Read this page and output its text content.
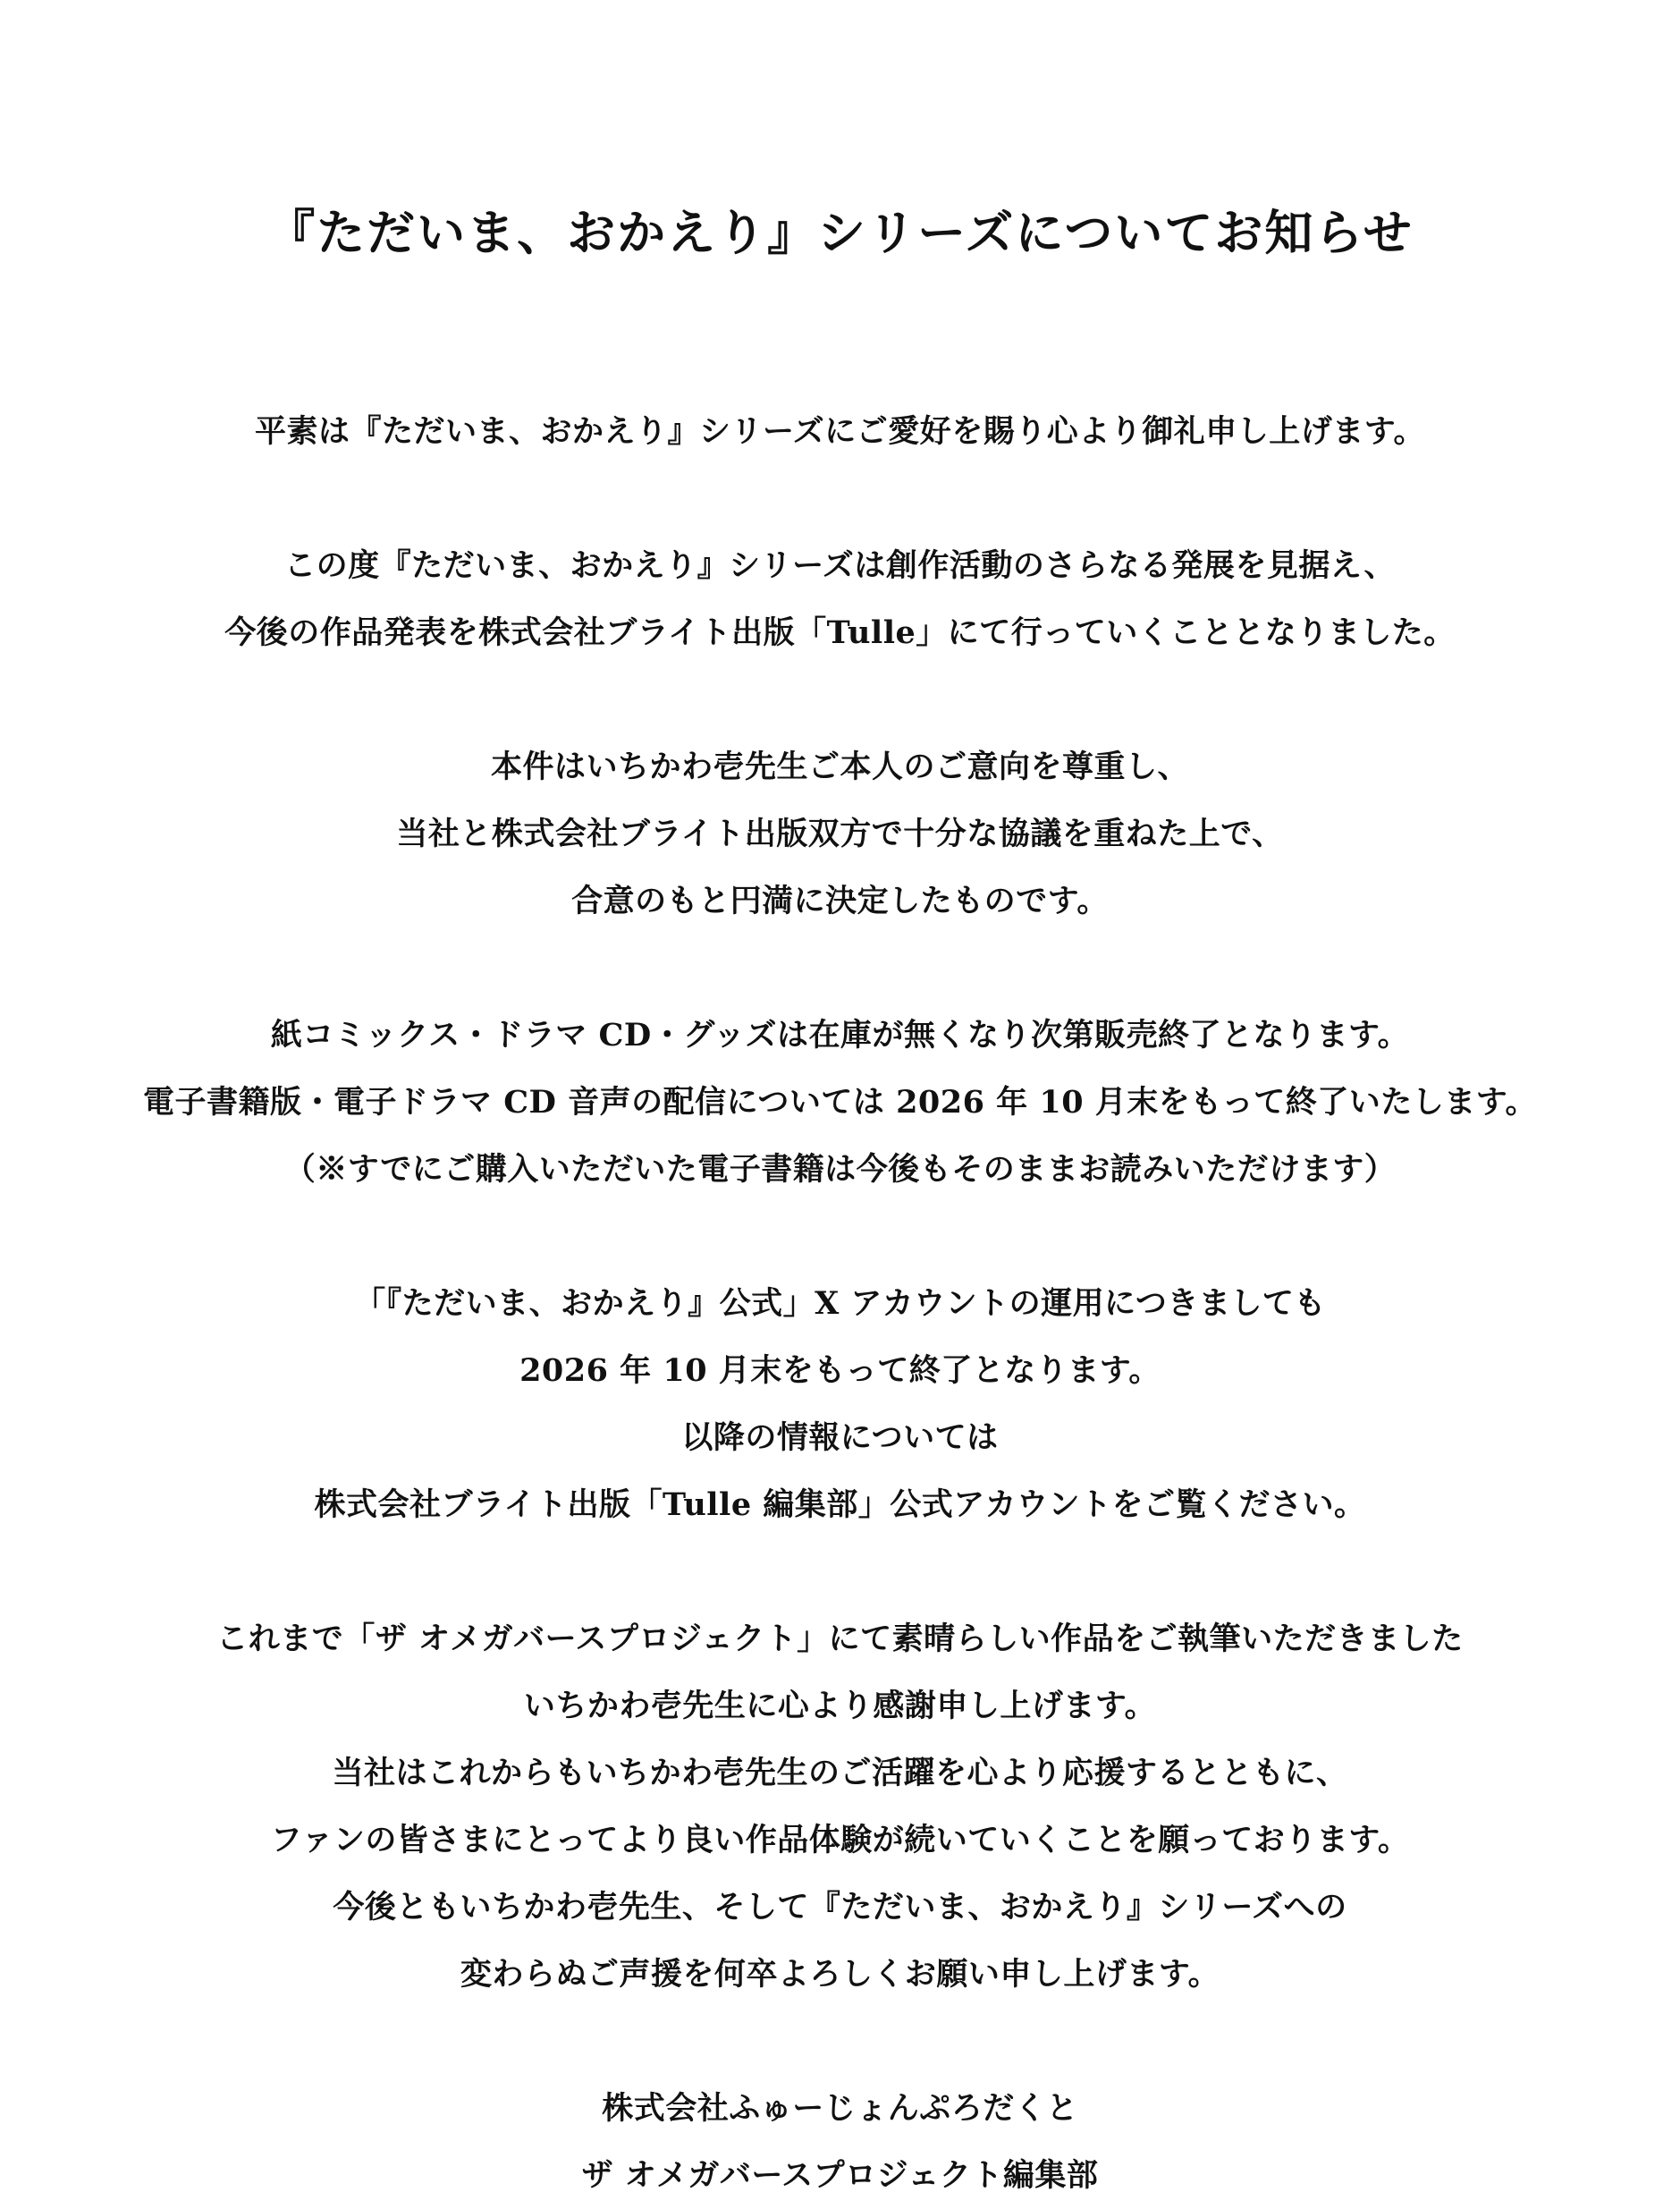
『ただいま、おかえり』シリーズについてお知らせ

平素は『ただいま、おかえり』シリーズにご愛好を賜り心より御礼申し上げます。

この度『ただいま、おかえり』シリーズは創作活動のさらなる発展を見据え、
今後の作品発表を株式会社ブライト出版「Tulle」にて行っていくこととなりました。

本件はいちかわ壱先生ご本人のご意向を尊重し、
当社と株式会社ブライト出版双方で十分な協議を重ねた上で、
合意のもと円満に決定したものです。

紙コミックス・ドラマ CD・グッズは在庫が無くなり次第販売終了となります。
電子書籍版・電子ドラマ CD 音声の配信については 2026 年 10 月末をもって終了いたします。
（※すでにご購入いただいた電子書籍は今後もそのままお読みいただけます）

「『ただいま、おかえり』公式」X アカウントの運用につきましても
2026 年 10 月末をもって終了となります。
以降の情報については
株式会社ブライト出版「Tulle 編集部」公式アカウントをご覧ください。

これまで「ザ オメガバースプロジェクト」にて素晴らしい作品をご執筆いただきました
いちかわ壱先生に心より感謝申し上げます。
当社はこれからもいちかわ壱先生のご活躍を心より応援するとともに、
ファンの皆さまにとってより良い作品体験が続いていくことを願っております。
今後ともいちかわ壱先生、そして『ただいま、おかえり』シリーズへの
変わらぬご声援を何卒よろしくお願い申し上げます。

株式会社ふゅーじょんぷろだくと
ザ オメガバースプロジェクト編集部
